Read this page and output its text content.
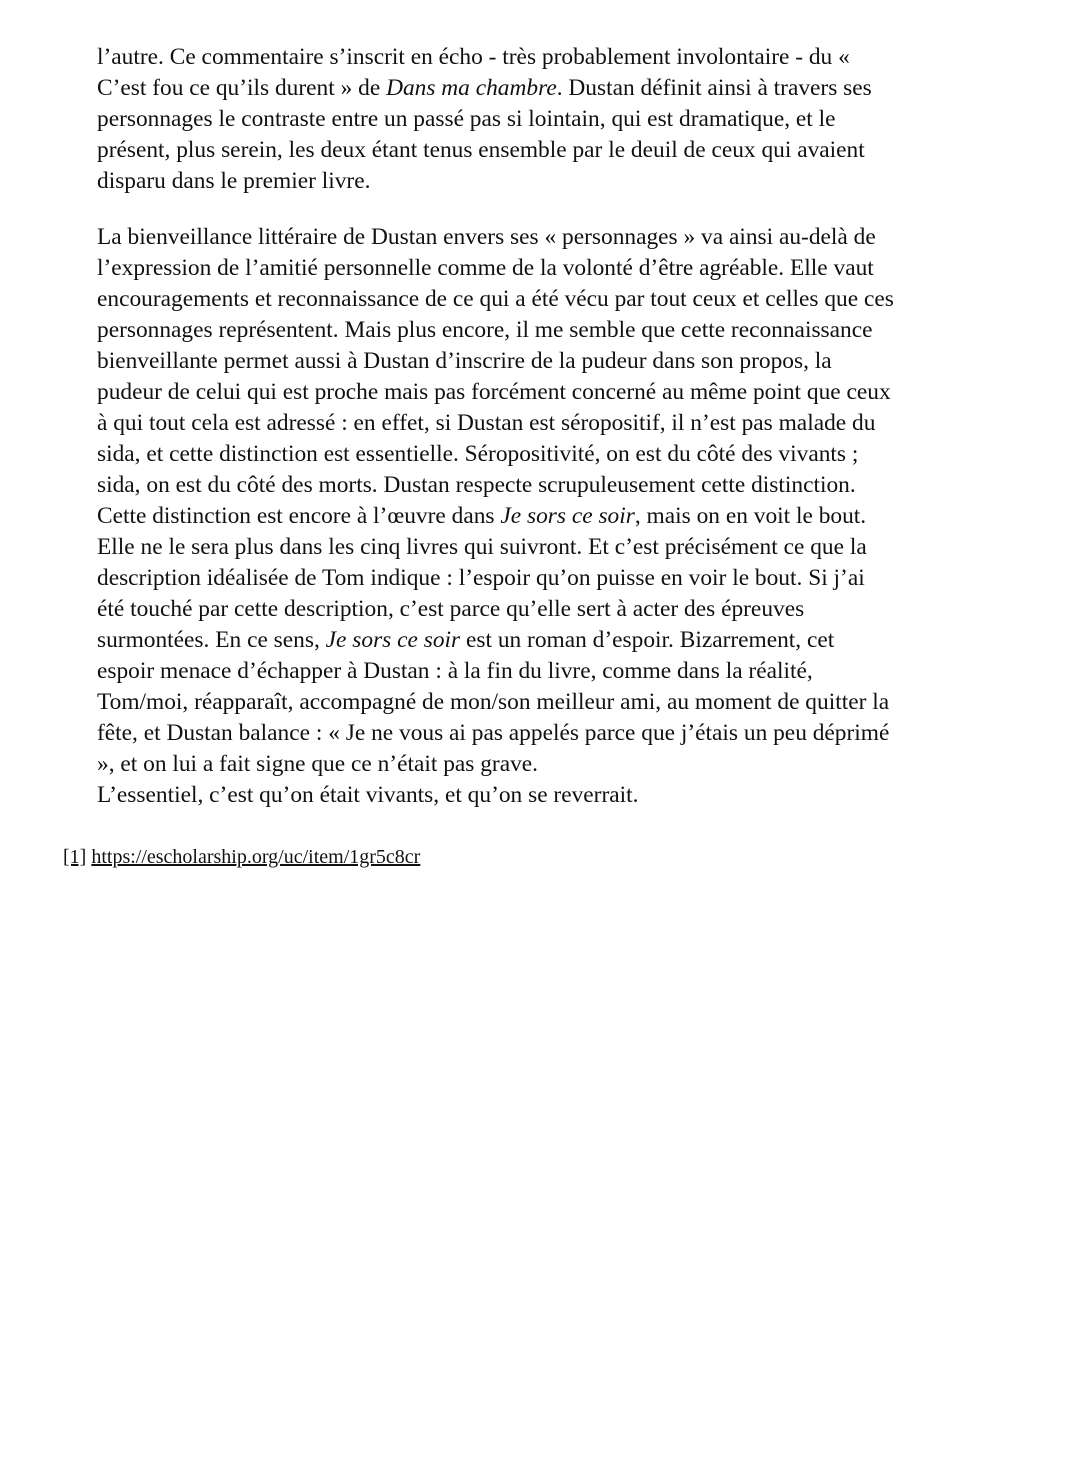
l’autre. Ce commentaire s’inscrit en écho - très probablement involontaire - du «
C’est fou ce qu’ils durent » de Dans ma chambre. Dustan définit ainsi à travers ses
personnages le contraste entre un passé pas si lointain, qui est dramatique, et le
présent, plus serein, les deux étant tenus ensemble par le deuil de ceux qui avaient
disparu dans le premier livre.
La bienveillance littéraire de Dustan envers ses « personnages » va ainsi au-delà de
l’expression de l’amitié personnelle comme de la volonté d’être agréable. Elle vaut
encouragements et reconnaissance de ce qui a été vécu par tout ceux et celles que ces
personnages représentent. Mais plus encore, il me semble que cette reconnaissance
bienveillante permet aussi à Dustan d’inscrire de la pudeur dans son propos, la
pudeur de celui qui est proche mais pas forcément concerné au même point que ceux
à qui tout cela est adressé : en effet, si Dustan est séropositif, il n’est pas malade du
sida, et cette distinction est essentielle. Séropositivité, on est du côté des vivants ;
sida, on est du côté des morts. Dustan respecte scrupuleusement cette distinction.
Cette distinction est encore à l’œuvre dans Je sors ce soir, mais on en voit le bout.
Elle ne le sera plus dans les cinq livres qui suivront. Et c’est précisément ce que la
description idéalisée de Tom indique : l’espoir qu’on puisse en voir le bout. Si j’ai
été touché par cette description, c’est parce qu’elle sert à acter des épreuves
surmontées. En ce sens, Je sors ce soir est un roman d’espoir. Bizarrement, cet
espoir menace d’échapper à Dustan : à la fin du livre, comme dans la réalité,
Tom/moi, réapparaît, accompagné de mon/son meilleur ami, au moment de quitter la
fête, et Dustan balance : « Je ne vous ai pas appelés parce que j’étais un peu déprimé
», et on lui a fait signe que ce n’était pas grave.
L’essentiel, c’est qu’on était vivants, et qu’on se reverrait.
[1] https://escholarship.org/uc/item/1gr5c8cr
